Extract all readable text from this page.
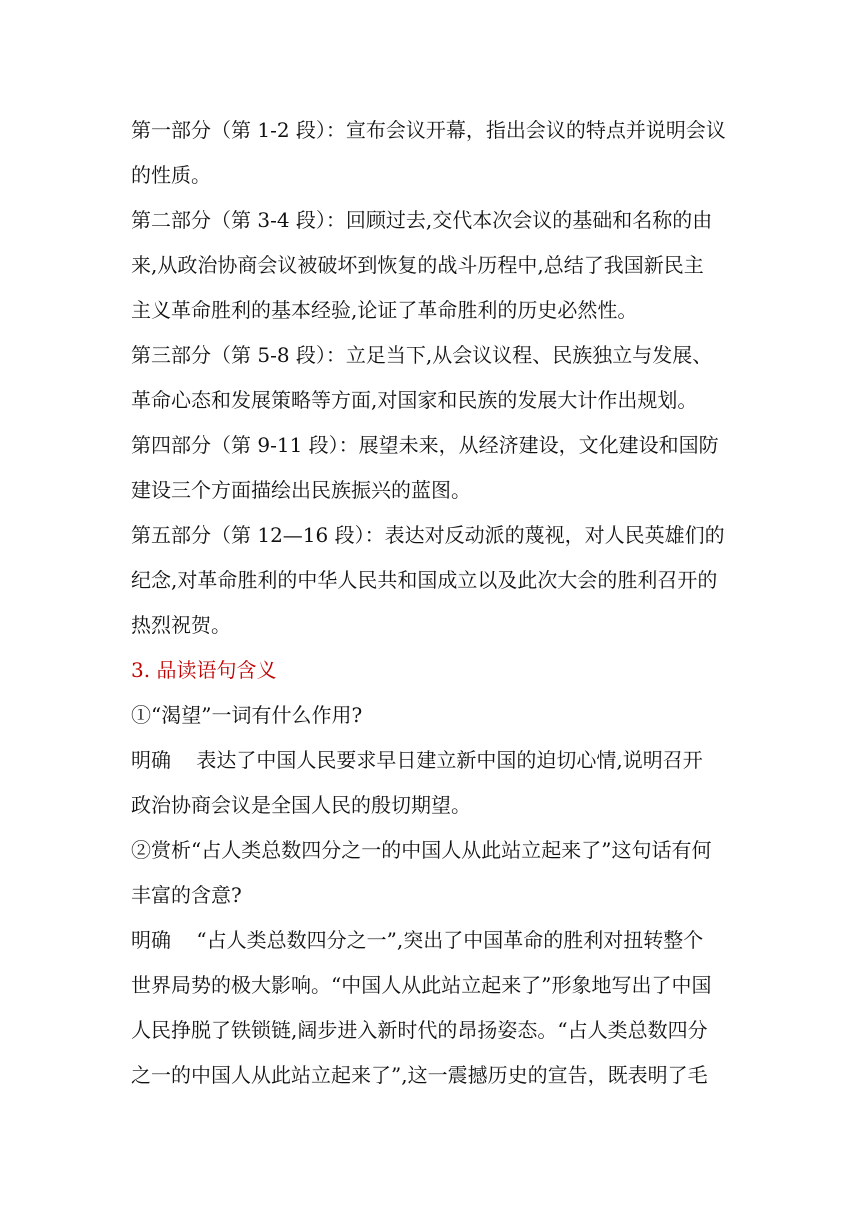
第一部分（第 1-2 段）：宣布会议开幕，指出会议的特点并说明会议
的性质。
第二部分（第 3-4 段）：回顾过去,交代本次会议的基础和名称的由
来,从政治协商会议被破坏到恢复的战斗历程中,总结了我国新民主
主义革命胜利的基本经验,论证了革命胜利的历史必然性。
第三部分（第 5-8 段）：立足当下,从会议议程、民族独立与发展、
革命心态和发展策略等方面,对国家和民族的发展大计作出规划。
第四部分（第 9-11 段）：展望未来，从经济建设，文化建设和国防
建设三个方面描绘出民族振兴的蓝图。
第五部分（第 12—16 段）：表达对反动派的蔑视，对人民英雄们的
纪念,对革命胜利的中华人民共和国成立以及此次大会的胜利召开的
热烈祝贺。
3. 品读语句含义
①“渴望”一词有什么作用?
明确    表达了中国人民要求早日建立新中国的迫切心情,说明召开
政治协商会议是全国人民的殷切期望。
②赏析“占人类总数四分之一的中国人从此站立起来了”这句话有何
丰富的含意?
明确    “占人类总数四分之一”,突出了中国革命的胜利对扭转整个
世界局势的极大影响。“中国人从此站立起来了”形象地写出了中国
人民挣脱了铁锁链,阔步进入新时代的昂扬姿态。“占人类总数四分
之一的中国人从此站立起来了”,这一震撼历史的宣告，既表明了毛
